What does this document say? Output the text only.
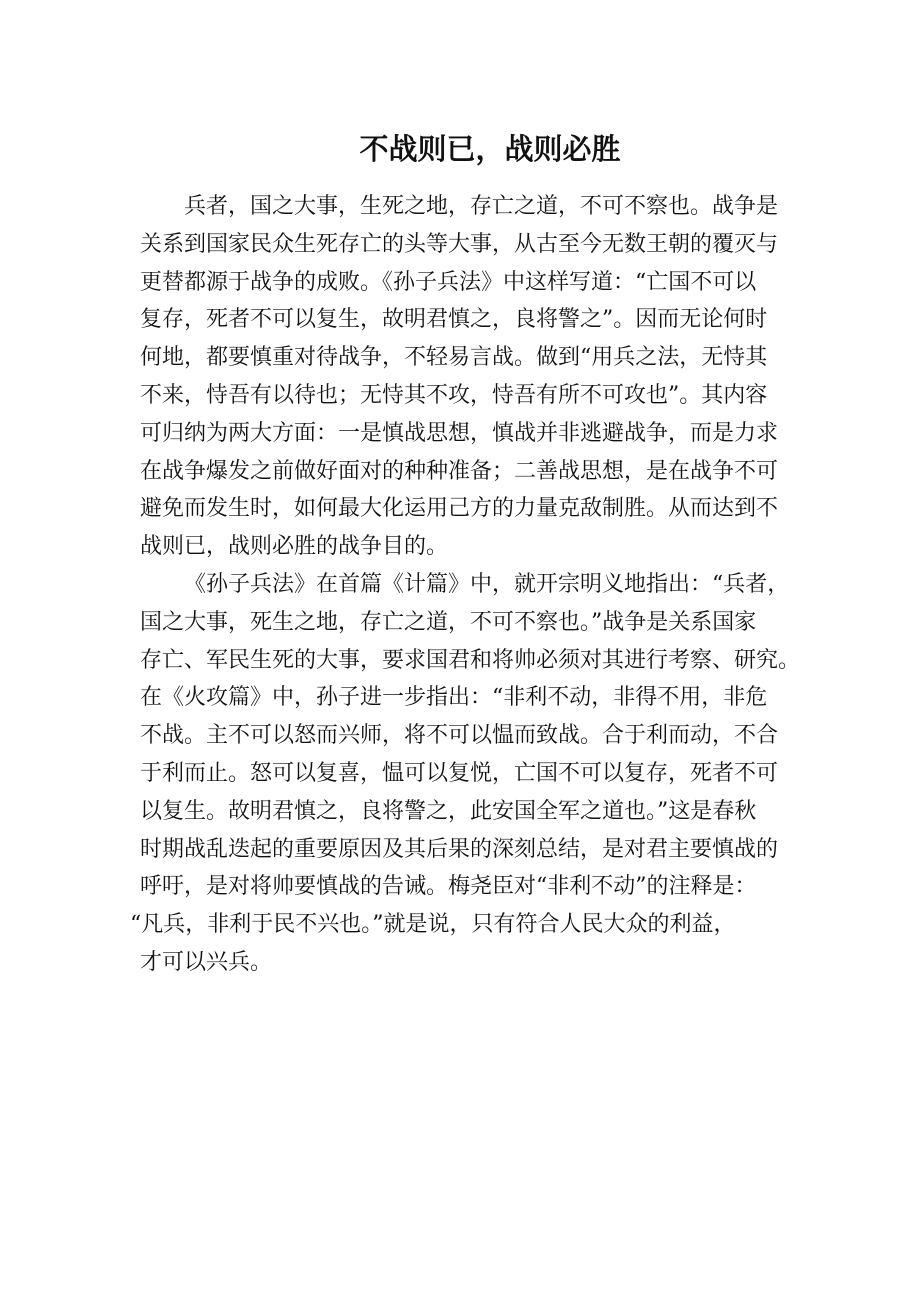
不战则已，战则必胜
兵者，国之大事，生死之地，存亡之道，不可不察也。战争是
关系到国家民众生死存亡的头等大事，从古至今无数王朝的覆灭与
更替都源于战争的成败。《孙子兵法》中这样写道：“亡国不可以
复存，死者不可以复生，故明君慎之，良将警之”。因而无论何时
何地，都要慎重对待战争，不轻易言战。做到“用兵之法，无恃其
不来，恃吾有以待也；无恃其不攻，恃吾有所不可攻也”。其内容
可归纳为两大方面：一是慎战思想，慎战并非逃避战争，而是力求
在战争爆发之前做好面对的种种准备；二善战思想，是在战争不可
避免而发生时，如何最大化运用己方的力量克敌制胜。从而达到不
战则已，战则必胜的战争目的。
《孙子兵法》在首篇《计篇》中，就开宗明义地指出：“兵者，
国之大事，死生之地，存亡之道，不可不察也。”战争是关系国家
存亡、军民生死的大事，要求国君和将帅必须对其进行考察、研究。
在《火攻篇》中，孙子进一步指出：“非利不动，非得不用，非危
不战。主不可以怒而兴师，将不可以愠而致战。合于利而动，不合
于利而止。怒可以复喜，愠可以复悦，亡国不可以复存，死者不可
以复生。故明君慎之，良将警之，此安国全军之道也。”这是春秋
时期战乱迭起的重要原因及其后果的深刻总结，是对君主要慎战的
呼吁，是对将帅要慎战的告诫。梅尧臣对“非利不动”的注释是：
“凡兵，非利于民不兴也。”就是说，只有符合人民大众的利益，
才可以兴兵。
